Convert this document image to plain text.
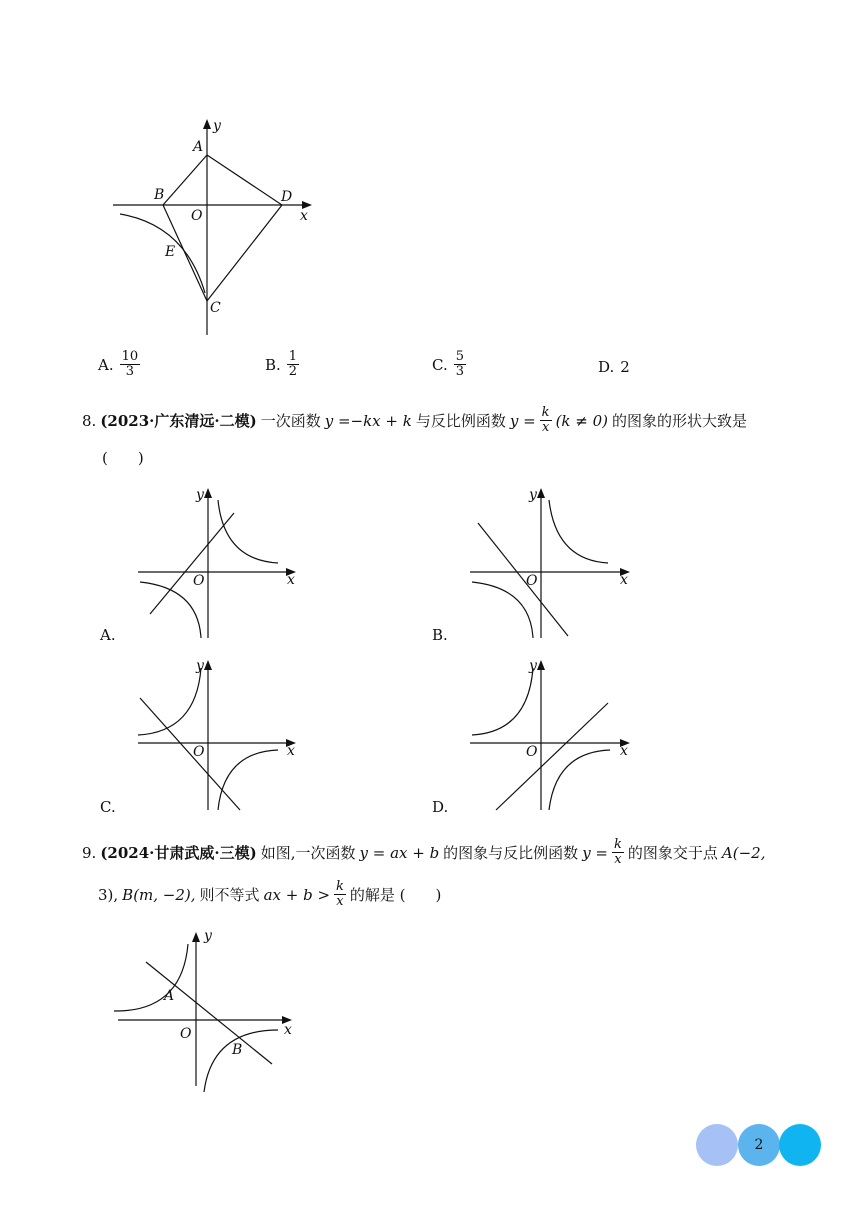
y
A
B	D
O	x
E
C
A. $\frac{10}{3}$	B. $\frac{1}{2}$	C. $\frac{5}{3}$	D. 2
8. (2023·广东清远·二模) 一次函数 y =−kx + k 与反比例函数 $y = \frac{k}{x} (k \ne 0)$ 的图象的形状大致是
(　　)
y
x
O
y
x
O
y
x
O
y
x
O
A.	B.
C.	D.
9. (2024·甘肃武威·三模) 如图,一次函数 y = ax + b 的图象与反比例函数 $y = \frac{k}{x}$ 的图象交于点 A(−2,
3), B(m, −2), 则不等式 ax + $b > \frac{k}{x}$ 的解是 (　　)
y
A
O	x
B
2
